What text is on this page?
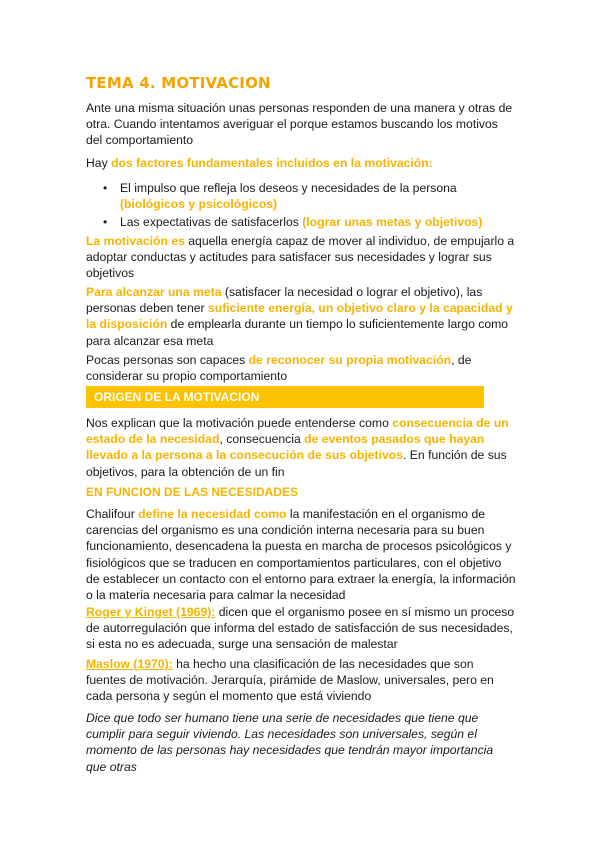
TEMA 4. MOTIVACION

Ante una misma situación unas personas responden de una manera y otras de otra. Cuando intentamos averiguar el porque estamos buscando los motivos del comportamiento

Hay dos factores fundamentales incluidos en la motivación:

• El impulso que refleja los deseos y necesidades de la persona (biológicos y psicológicos)
• Las expectativas de satisfacerlos (lograr unas metas y objetivos)

La motivación es aquella energía capaz de mover al individuo, de empujarlo a adoptar conductas y actitudes para satisfacer sus necesidades y lograr sus objetivos

Para alcanzar una meta (satisfacer la necesidad o lograr el objetivo), las personas deben tener suficiente energía, un objetivo claro y la capacidad y la disposición de emplearla durante un tiempo lo suficientemente largo como para alcanzar esa meta

Pocas personas son capaces de reconocer su propia motivación, de considerar su propio comportamiento

ORIGEN DE LA MOTIVACION

Nos explican que la motivación puede entenderse como consecuencia de un estado de la necesidad, consecuencia de eventos pasados que hayan llevado a la persona a la consecución de sus objetivos. En función de sus objetivos, para la obtención de un fin

EN FUNCION DE LAS NECESIDADES

Chalifour define la necesidad como la manifestación en el organismo de carencias del organismo es una condición interna necesaria para su buen funcionamiento, desencadena la puesta en marcha de procesos psicológicos y fisiológicos que se traducen en comportamientos particulares, con el objetivo de establecer un contacto con el entorno para extraer la energía, la información o la materia necesaria para calmar la necesidad

Roger y Kinget (1969): dicen que el organismo posee en sí mismo un proceso de autorregulación que informa del estado de satisfacción de sus necesidades, si esta no es adecuada, surge una sensación de malestar

Maslow (1970): ha hecho una clasificación de las necesidades que son fuentes de motivación. Jerarquía, pirámide de Maslow, universales, pero en cada persona y según el momento que está viviendo

Dice que todo ser humano tiene una serie de necesidades que tiene que cumplir para seguir viviendo. Las necesidades son universales, según el momento de las personas hay necesidades que tendrán mayor importancia que otras
